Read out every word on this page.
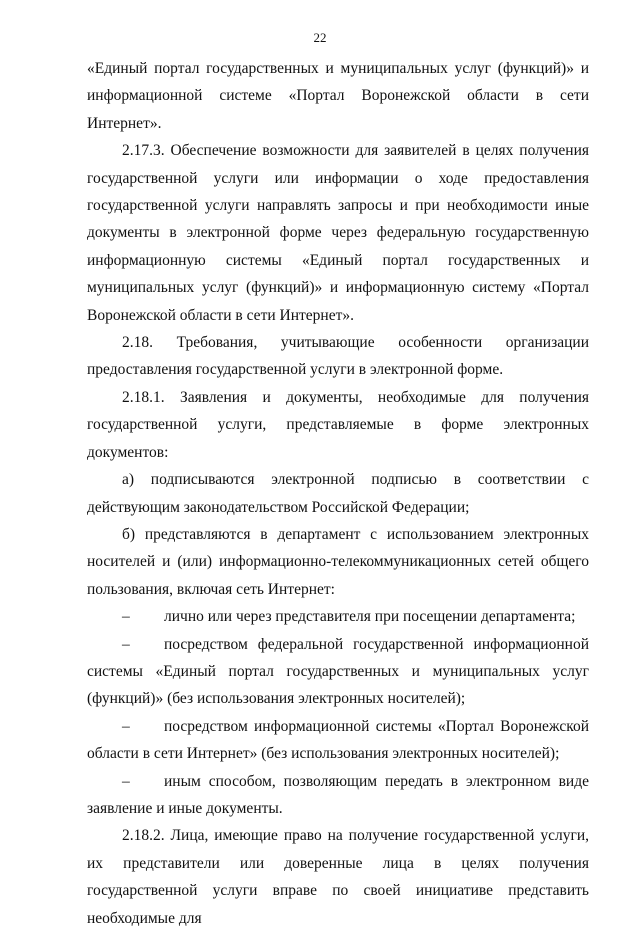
22

«Единый портал государственных и муниципальных услуг (функций)» и информационной системе «Портал Воронежской области в сети Интернет».

2.17.3. Обеспечение возможности для заявителей в целях получения государственной услуги или информации о ходе предоставления государственной услуги направлять запросы и при необходимости иные документы в электронной форме через федеральную государственную информационную системы «Единый портал государственных и муниципальных услуг (функций)» и информационную систему «Портал Воронежской области в сети Интернет».

2.18. Требования, учитывающие особенности организации предоставления государственной услуги в электронной форме.

2.18.1. Заявления и документы, необходимые для получения государственной услуги, представляемые в форме электронных документов:

а) подписываются электронной подписью в соответствии с действующим законодательством Российской Федерации;

б) представляются в департамент с использованием электронных носителей и (или) информационно-телекоммуникационных сетей общего пользования, включая сеть Интернет:

– лично или через представителя при посещении департамента;

– посредством федеральной государственной информационной системы «Единый портал государственных и муниципальных услуг (функций)» (без использования электронных носителей);

– посредством информационной системы «Портал Воронежской области в сети Интернет» (без использования электронных носителей);

– иным способом, позволяющим передать в электронном виде заявление и иные документы.

2.18.2. Лица, имеющие право на получение государственной услуги, их представители или доверенные лица в целях получения государственной услуги вправе по своей инициативе представить необходимые для
